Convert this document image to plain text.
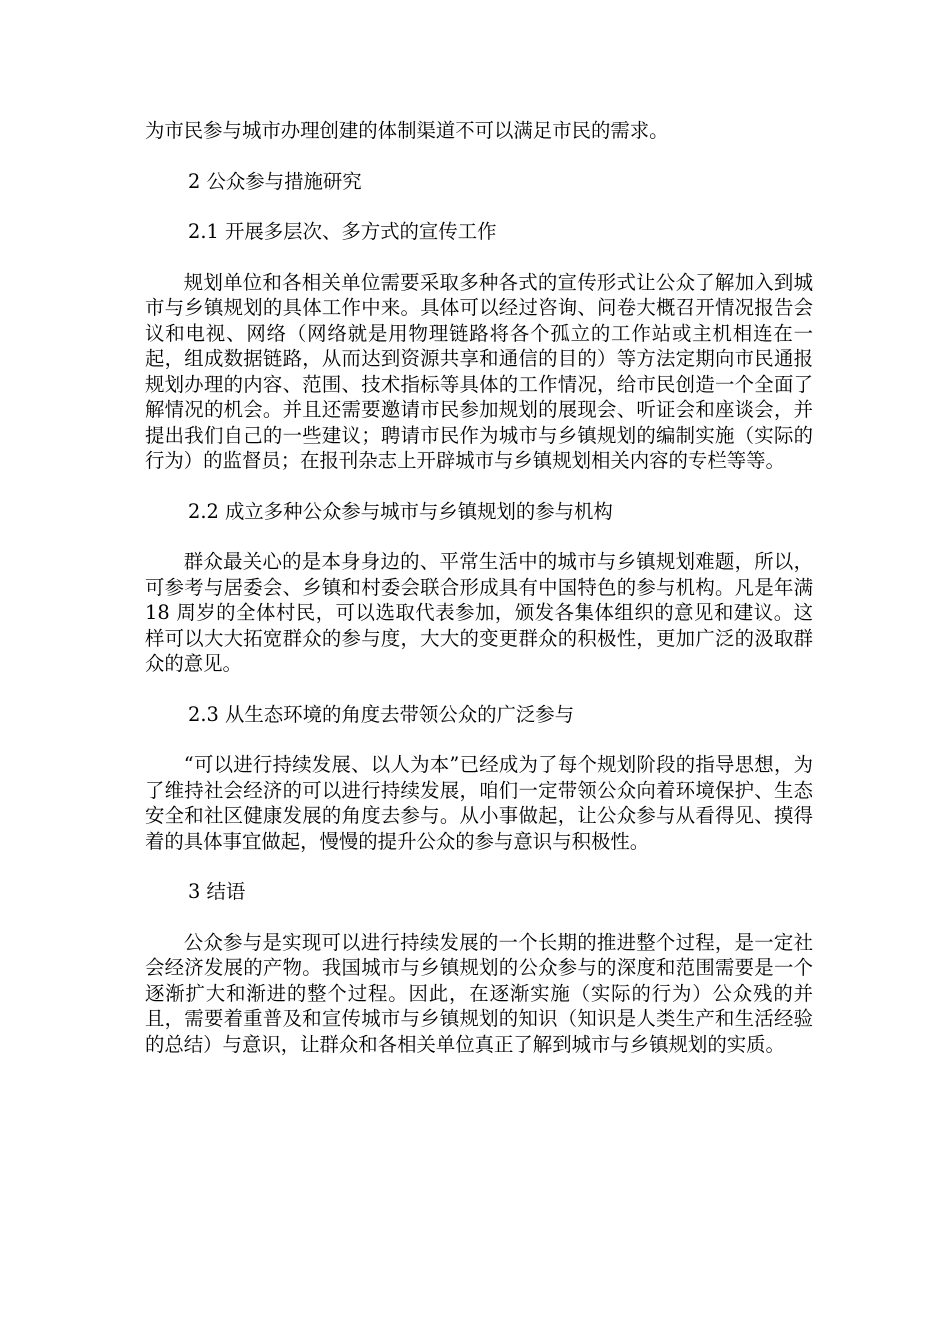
为市民参与城市办理创建的体制渠道不可以满足市民的需求。

2 公众参与措施研究

2.1 开展多层次、多方式的宣传工作

规划单位和各相关单位需要采取多种各式的宣传形式让公众了解加入到城市与乡镇规划的具体工作中来。具体可以经过咨询、问卷大概召开情况报告会议和电视、网络（网络就是用物理链路将各个孤立的工作站或主机相连在一起，组成数据链路，从而达到资源共享和通信的目的）等方法定期向市民通报规划办理的内容、范围、技术指标等具体的工作情况，给市民创造一个全面了解情况的机会。并且还需要邀请市民参加规划的展现会、听证会和座谈会，并提出我们自己的一些建议；聘请市民作为城市与乡镇规划的编制实施（实际的行为）的监督员；在报刊杂志上开辟城市与乡镇规划相关内容的专栏等等。

2.2 成立多种公众参与城市与乡镇规划的参与机构

群众最关心的是本身身边的、平常生活中的城市与乡镇规划难题，所以，可参考与居委会、乡镇和村委会联合形成具有中国特色的参与机构。凡是年满 18 周岁的全体村民，可以选取代表参加，颁发各集体组织的意见和建议。这样可以大大拓宽群众的参与度，大大的变更群众的积极性，更加广泛的汲取群众的意见。

2.3 从生态环境的角度去带领公众的广泛参与

“可以进行持续发展、以人为本”已经成为了每个规划阶段的指导思想，为了维持社会经济的可以进行持续发展，咱们一定带领公众向着环境保护、生态安全和社区健康发展的角度去参与。从小事做起，让公众参与从看得见、摸得着的具体事宜做起，慢慢的提升公众的参与意识与积极性。

3 结语

公众参与是实现可以进行持续发展的一个长期的推进整个过程，是一定社会经济发展的产物。我国城市与乡镇规划的公众参与的深度和范围需要是一个逐渐扩大和渐进的整个过程。因此，在逐渐实施（实际的行为）公众残的并且，需要着重普及和宣传城市与乡镇规划的知识（知识是人类生产和生活经验的总结）与意识，让群众和各相关单位真正了解到城市与乡镇规划的实质。
